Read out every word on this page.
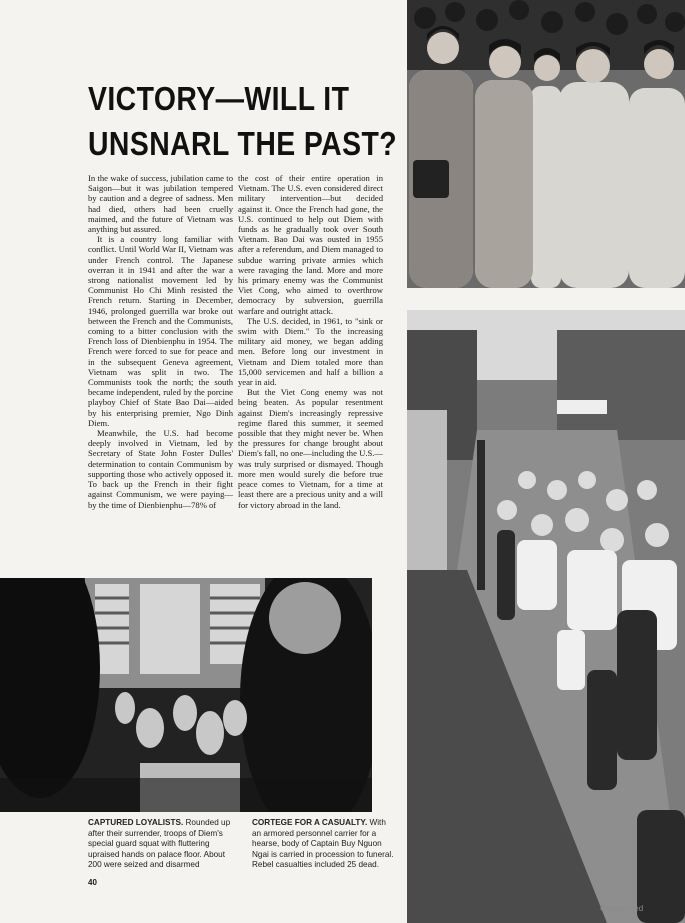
VICTORY—WILL IT
UNSNARL THE PAST?

In the wake of success, jubilation came to Saigon—but it was jubilation tempered by caution and a degree of sadness. Men had died, others had been cruelly maimed, and the future of Vietnam was anything but assured.

It is a country long familiar with conflict. Until World War II, Vietnam was under French control. The Japanese overran it in 1941 and after the war a strong nationalist movement led by Communist Ho Chi Minh resisted the French return. Starting in December, 1946, prolonged guerrilla war broke out between the French and the Communists, coming to a bitter conclusion with the French loss of Dienbienphu in 1954. The French were forced to sue for peace and in the subsequent Geneva agreement, Vietnam was split in two. The Communists took the north; the south became independent, ruled by the porcine playboy Chief of State Bao Dai—aided by his enterprising premier, Ngo Dinh Diem.

Meanwhile, the U.S. had become deeply involved in Vietnam, led by Secretary of State John Foster Dulles' determination to contain Communism by supporting those who actively opposed it. To back up the French in their fight against Communism, we were paying—by the time of Dienbienphu—78% of

the cost of their entire operation in Vietnam. The U.S. even considered direct military intervention—but decided against it. Once the French had gone, the U.S. continued to help out Diem with funds as he gradually took over South Vietnam. Bao Dai was ousted in 1955 after a referendum, and Diem managed to subdue warring private armies which were ravaging the land. More and more his primary enemy was the Communist Viet Cong, who aimed to overthrow democracy by subversion, guerrilla warfare and outright attack.

The U.S. decided, in 1961, to "sink or swim with Diem." To the increasing military aid money, we began adding men. Before long our investment in Vietnam and Diem totaled more than 15,000 servicemen and half a billion a year in aid.

But the Viet Cong enemy was not being beaten. As popular resentment against Diem's increasingly repressive regime flared this summer, it seemed possible that they might never be. When the pressures for change brought about Diem's fall, no one—including the U.S.—was truly surprised or dismayed. Though more men would surely die before true peace comes to Vietnam, for a time at least there are a precious unity and a will for victory abroad in the land.

CAPTURED LOYALISTS. Rounded up after their surrender, troops of Diem's special guard squat with fluttering upraised hands on palace floor. About 200 were seized and disarmed
CORTEGE FOR A CASUALTY. With an armored personnel carrier for a hearse, body of Captain Buy Nguon Ngai is carried in procession to funeral. Rebel casualties included 25 dead.
40
Copyrighted
